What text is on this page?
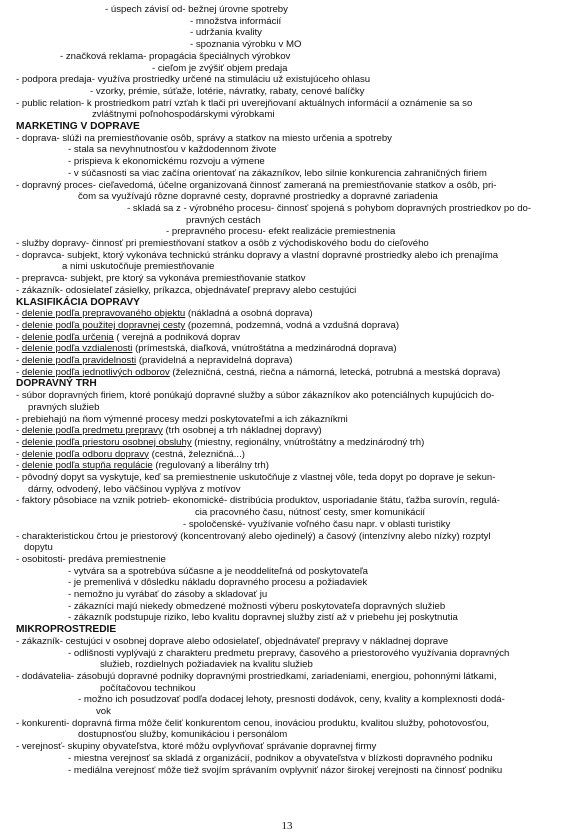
- úspech závisí od- bežnej úrovne spotreby
- množstva informácií
- udržania kvality
- spoznania výrobku v MO
- značková reklama- propagácia špeciálnych výrobkov
- cieľom je zvýšiť objem predaja
- podpora predaja- využíva prostriedky určené na stimuláciu už existujúceho ohlasu
- vzorky, prémie, súťaže, lotérie, návratky, rabaty, cenové balíčky
- public relation- k prostriedkom patrí vzťah k tlači pri uverejňovaní aktuálnych informácií a oznámenie sa so
zvláštnymi poľnohospodárskymi výrobkami
MARKETING V DOPRAVE
- doprava- slúži na premiestňovanie osôb, správy a statkov na miesto určenia a spotreby
- stala sa nevyhnutnosťou v každodennom živote
- prispieva k ekonomickému rozvoju a výmene
- v súčasnosti sa viac začína orientovať na zákazníkov, lebo silnie konkurencia zahraničných firiem
- dopravný proces- cieľavedomá, účelne organizovaná činnosť zameraná na premiestňovanie statkov a osôb, pri-
čom sa využívajú rôzne dopravné cesty, dopravné prostriedky a dopravné zariadenia
- skladá sa z - výrobného procesu- činnosť spojená s pohybom dopravných prostriedkov po do-
pravných cestách
- prepravného procesu- efekt realizácie premiestnenia
- služby dopravy- činnosť pri premiestňovaní statkov a osôb z východiskového bodu do cieľového
- dopravca- subjekt, ktorý vykonáva technickú stránku dopravy a vlastní dopravné prostriedky alebo ich prenajíma
a nimi uskutočňuje premiestňovanie
- prepravca- subjekt, pre ktorý sa vykonáva premiestňovanie statkov
- zákazník- odosielateľ zásielky, príkazca, objednávateľ prepravy alebo cestujúci
KLASIFIKÁCIA DOPRAVY
- delenie podľa prepravovaného objektu (nákladná a osobná doprava)
- delenie podľa použitej dopravnej cesty (pozemná, podzemná, vodná a vzdušná doprava)
- delenie podľa určenia ( verejná a podniková doprav
- delenie podľa vzdialenosti (prímestská, diaľková, vnútroštátna a medzinárodná doprava)
- delenie podľa pravidelnosti (pravidelná a nepravidelná doprava)
- delenie podľa jednotlivých odborov (železničná, cestná, riečna a námorná, letecká, potrubná a mestská doprava)
DOPRAVNÝ TRH
- súbor dopravných firiem, ktoré ponúkajú dopravné služby a súbor zákazníkov ako potenciálnych kupujúcich do-
pravných služieb
- prebiehajú na ňom výmenné procesy medzi poskytovateľmi a ich zákazníkmi
- delenie podľa predmetu prepravy (trh osobnej a trh nákladnej dopravy)
- delenie podľa priestoru osobnej obsluhy (miestny, regionálny, vnútroštátny a medzinárodný trh)
- delenie podľa odboru dopravy (cestná, železničná...)
- delenie podľa stupňa regulácie (regulovaný a liberálny trh)
- pôvodný dopyt sa vyskytuje, keď sa premiestnenie uskutočňuje z vlastnej vôle, teda dopyt po doprave je sekun-
dárny, odvodený, lebo väčšinou vyplýva z motívov
- faktory pôsobiace na vznik potrieb- ekonomické- distribúcia produktov, usporiadanie štátu, ťažba surovín, regulá-
cia pracovného času, nútnosť cesty, smer komunikácií
- spoločenské- využívanie voľného času napr. v oblasti turistiky
- charakteristickou črtou je priestorový (koncentrovaný alebo ojedinelý) a časový (intenzívny alebo nízky) rozptyl
dopytu
- osobitosti- predáva premiestnenie
- vytvára sa a spotrebúva súčasne a je neoddeliteľná od poskytovateľa
- je premenlivá v dôsledku nákladu dopravného procesu a požiadaviek
- nemožno ju vyrábať do zásoby a skladovať ju
- zákazníci majú niekedy obmedzené možnosti výberu poskytovateľa dopravných služieb
- zákazník podstupuje riziko, lebo kvalitu dopravnej služby zistí až v priebehu jej poskytnutia
MIKROPROSTREDIE
- zákazník- cestujúci v osobnej doprave alebo odosielateľ, objednávateľ prepravy v nákladnej doprave
- odlišnosti vyplývajú z charakteru predmetu prepravy, časového a priestorového využívania dopravných
služieb, rozdielnych požiadaviek na kvalitu služieb
- dodávatelia- zásobujú dopravné podniky dopravnými prostriedkami, zariadeniami, energiou, pohonnými látkami,
počítačovou technikou
- možno ich posudzovať podľa dodacej lehoty, presnosti dodávok, ceny, kvality a komplexnosti dodá-
vok
- konkurenti- dopravná firma môže čeliť konkurentom cenou, inováciou produktu, kvalitou služby, pohotovosťou,
dostupnosťou služby, komunikáciou i personálom
- verejnosť- skupiny obyvateľstva, ktoré môžu ovplyvňovať správanie dopravnej firmy
- miestna verejnosť sa skladá z organizácií, podnikov a obyvateľstva v blízkosti dopravného podniku
- mediálna verejnosť môže tiež svojím správaním ovplyvniť názor širokej verejnosti na činnosť podniku
13
